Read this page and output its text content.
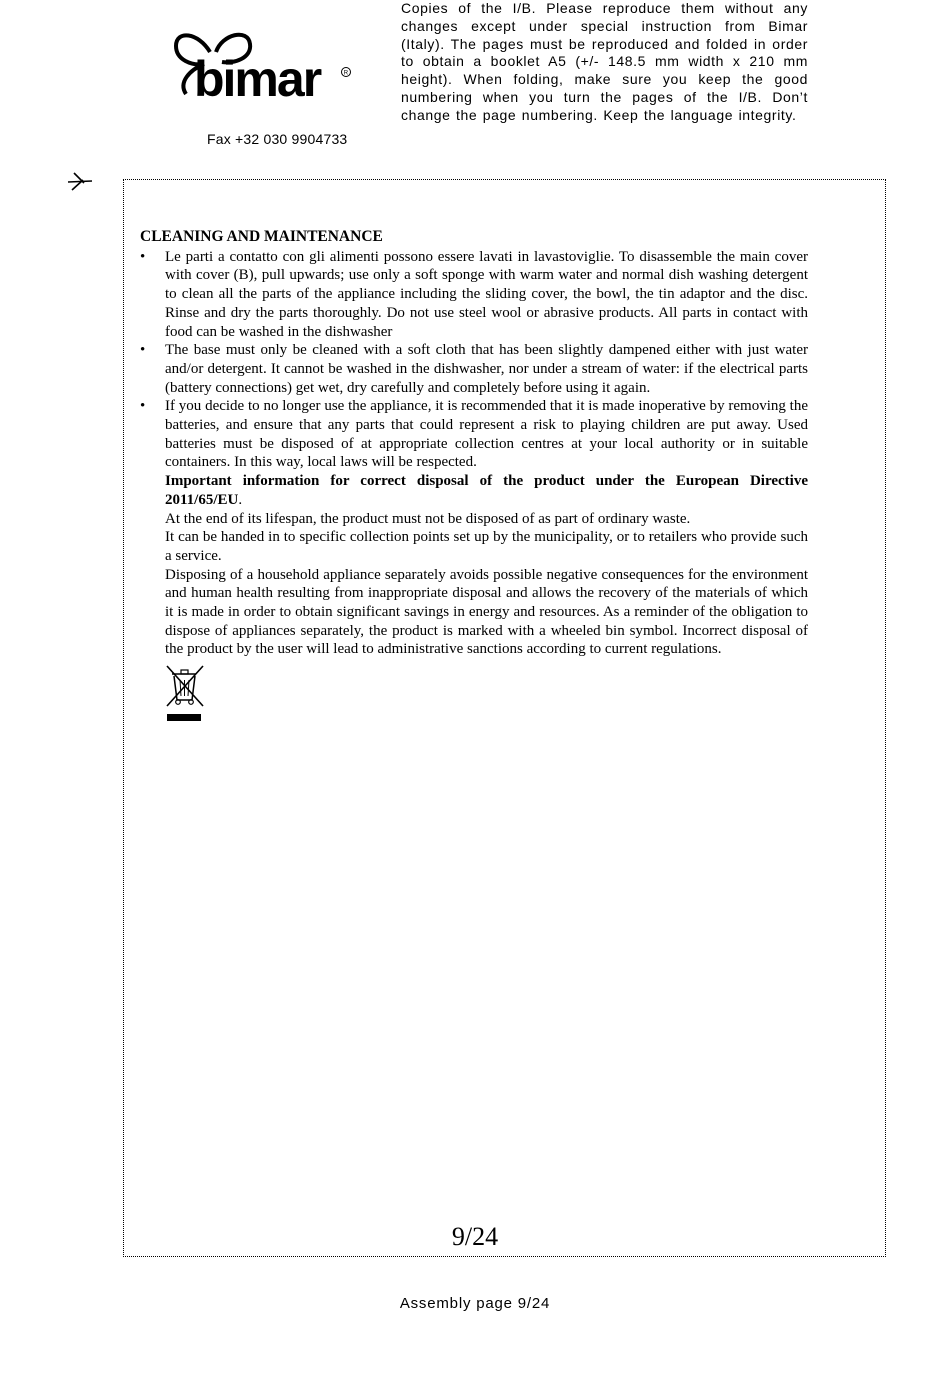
bimar	R
Fax +32 030 9904733

Copies of the I/B. Please reproduce them without any changes except under special instruction from Bimar (Italy). The pages must be reproduced and folded in order to obtain a booklet A5 (+/- 148.5 mm width x 210 mm height). When folding, make sure you keep the good numbering when you turn the pages of the I/B. Don’t change the page numbering. Keep the language integrity.

CLEANING AND MAINTENANCE
• Le parti a contatto con gli alimenti possono essere lavati in lavastoviglie. To disassemble the main cover with cover (B), pull upwards; use only a soft sponge with warm water and normal dish washing detergent to clean all the parts of the appliance including the sliding cover, the bowl, the tin adaptor and the disc. Rinse and dry the parts thoroughly. Do not use steel wool or abrasive products. All parts in contact with food can be washed in the dishwasher
• The base must only be cleaned with a soft cloth that has been slightly dampened either with just water and/or detergent. It cannot be washed in the dishwasher, nor under a stream of water: if the electrical parts (battery connections) get wet, dry carefully and completely before using it again.
• If you decide to no longer use the appliance, it is recommended that it is made inoperative by removing the batteries, and ensure that any parts that could represent a risk to playing children are put away. Used batteries must be disposed of at appropriate collection centres at your local authority or in suitable containers. In this way, local laws will be respected.

Important information for correct disposal of the product under the European Directive 2011/65/EU.

At the end of its lifespan, the product must not be disposed of as part of ordinary waste.

It can be handed in to specific collection points set up by the municipality, or to retailers who provide such a service.

Disposing of a household appliance separately avoids possible negative consequences for the environment and human health resulting from inappropriate disposal and allows the recovery of the materials of which it is made in order to obtain significant savings in energy and resources. As a reminder of the obligation to dispose of appliances separately, the product is marked with a wheeled bin symbol. Incorrect disposal of the product by the user will lead to administrative sanctions according to current regulations.

9/24
Assembly page 9/24
